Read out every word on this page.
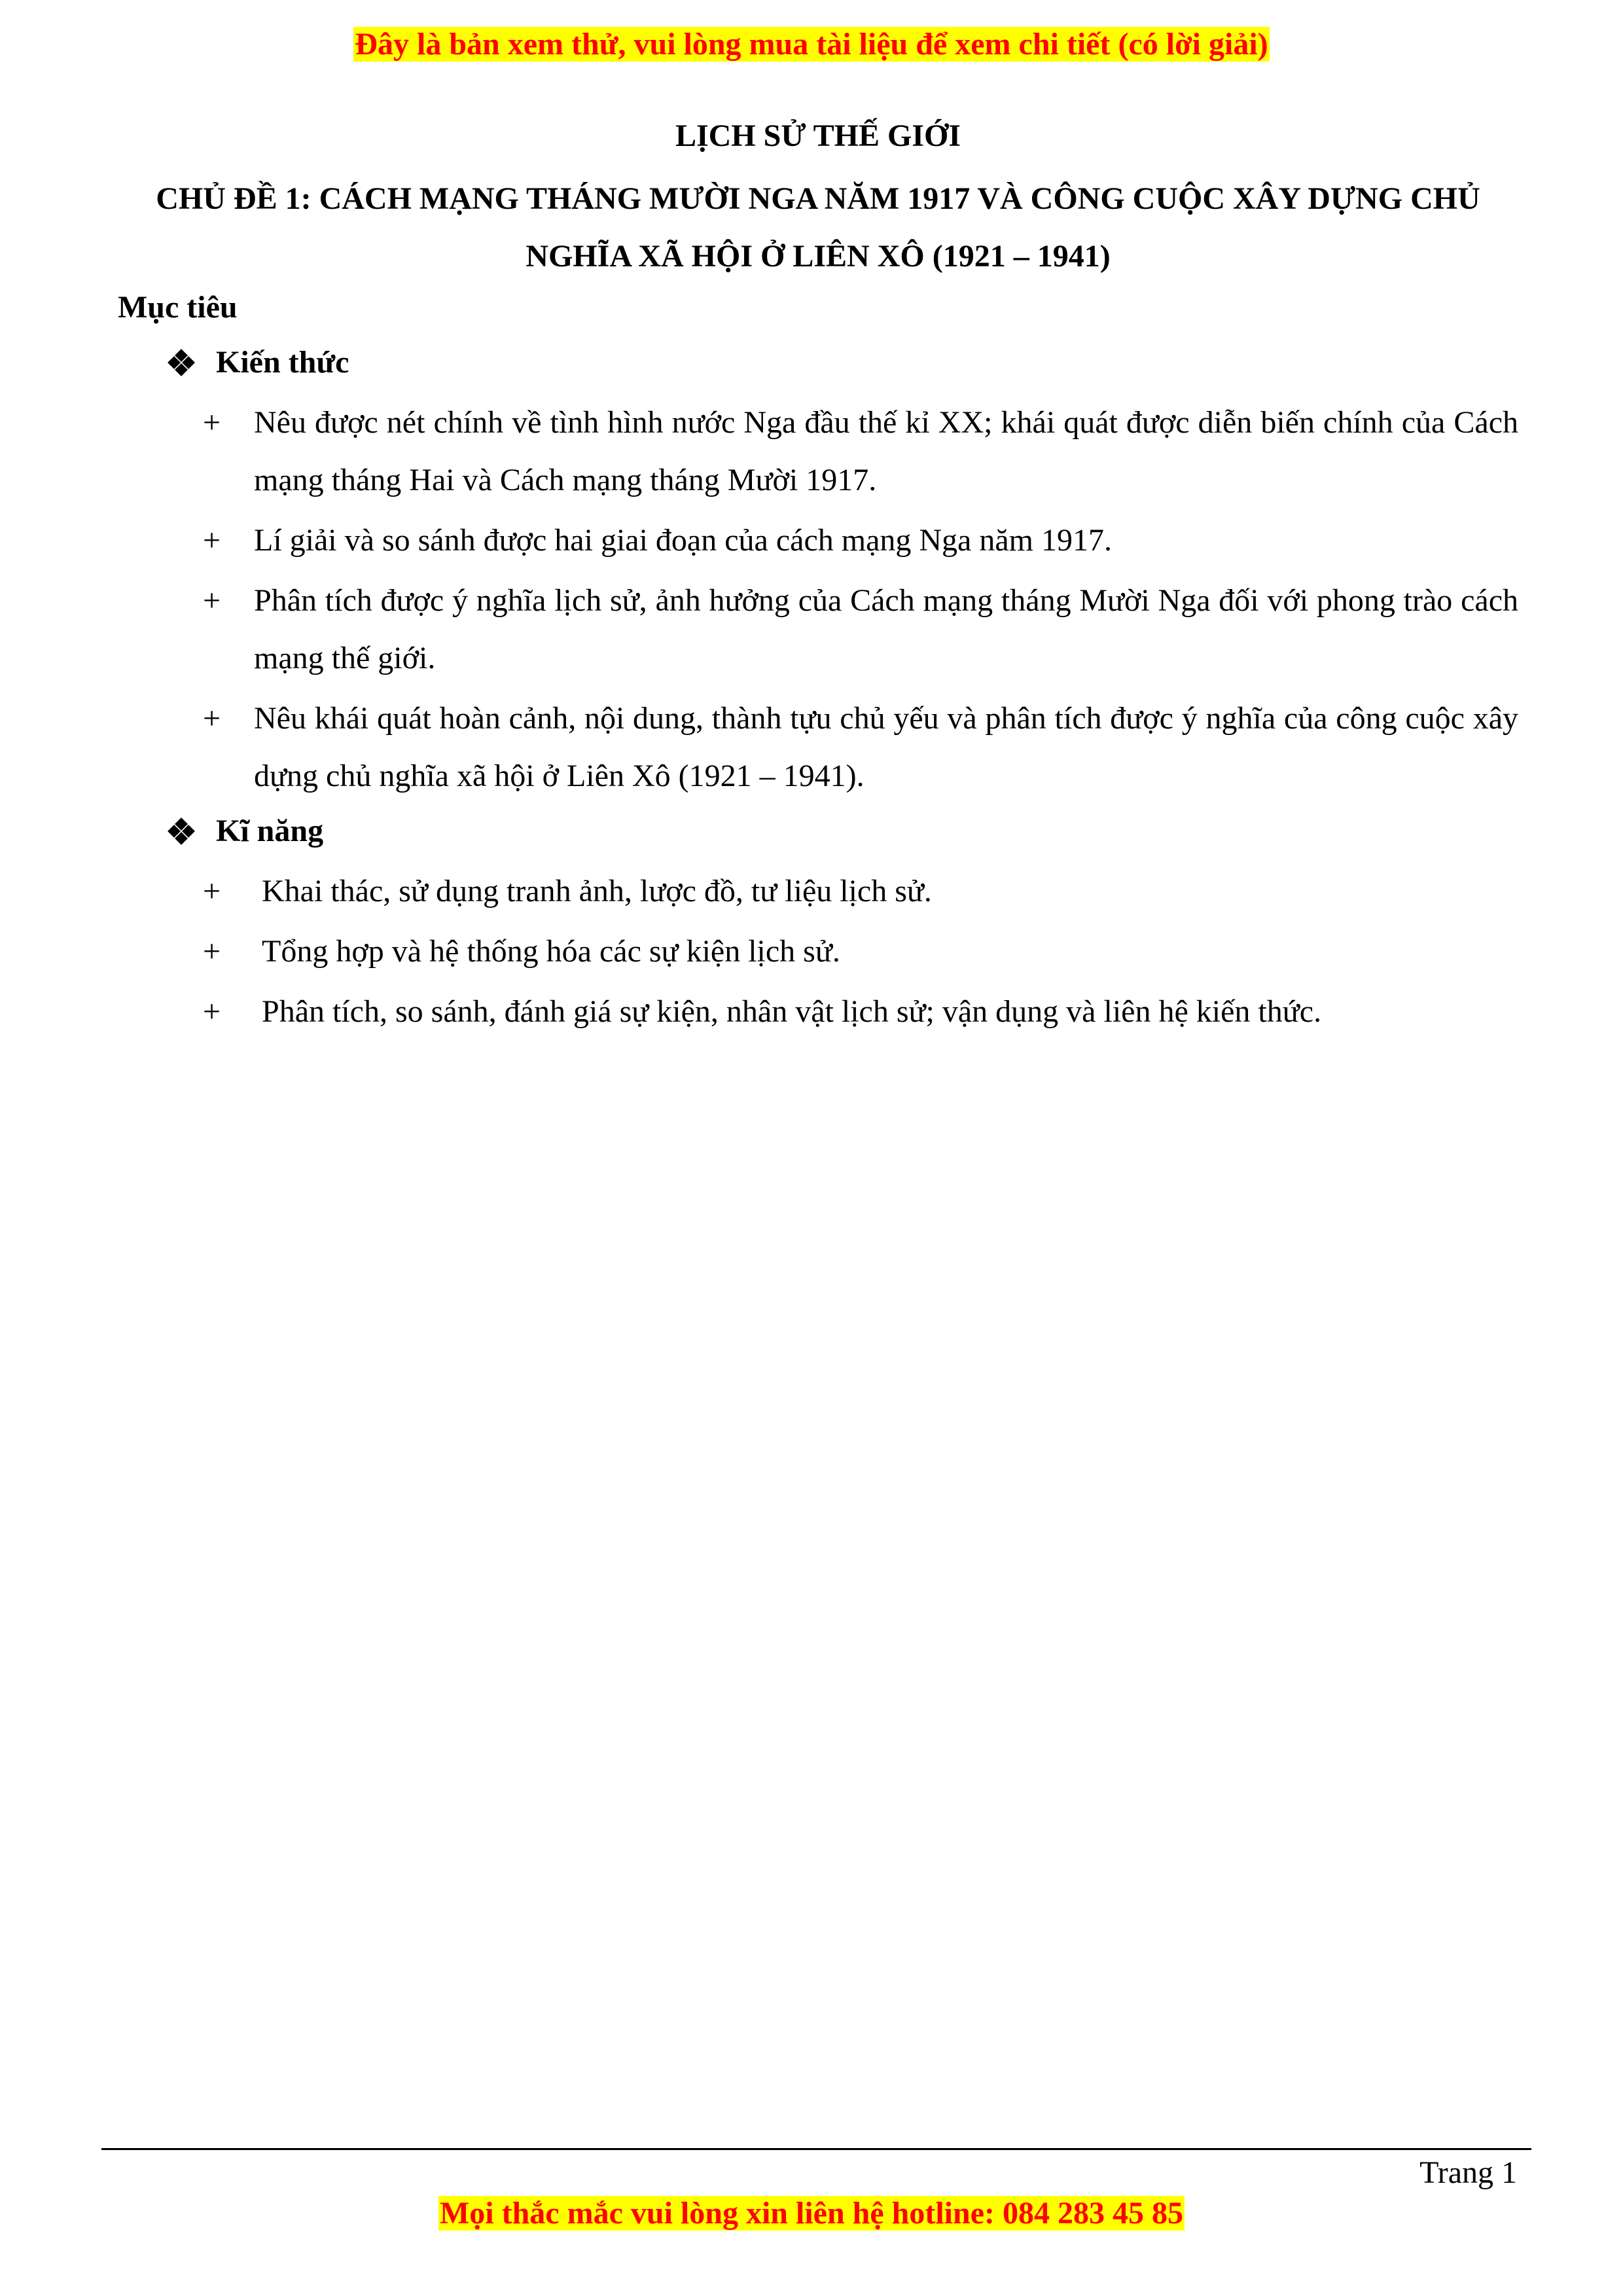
Đây là bản xem thử, vui lòng mua tài liệu để xem chi tiết (có lời giải)
LỊCH SỬ THẾ GIỚI
CHỦ ĐỀ 1: CÁCH MẠNG THÁNG MƯỜI NGA NĂM 1917 VÀ CÔNG CUỘC XÂY DỰNG CHỦ NGHĨA XÃ HỘI Ở LIÊN XÔ (1921 – 1941)
Mục tiêu
Kiến thức
+ Nêu được nét chính về tình hình nước Nga đầu thế kỉ XX; khái quát được diễn biến chính của Cách mạng tháng Hai và Cách mạng tháng Mười 1917.
+ Lí giải và so sánh được hai giai đoạn của cách mạng Nga năm 1917.
+ Phân tích được ý nghĩa lịch sử, ảnh hưởng của Cách mạng tháng Mười Nga đối với phong trào cách mạng thế giới.
+ Nêu khái quát hoàn cảnh, nội dung, thành tựu chủ yếu và phân tích được ý nghĩa của công cuộc xây dựng chủ nghĩa xã hội ở Liên Xô (1921 – 1941).
Kĩ năng
+ Khai thác, sử dụng tranh ảnh, lược đồ, tư liệu lịch sử.
+ Tổng hợp và hệ thống hóa các sự kiện lịch sử.
+ Phân tích, so sánh, đánh giá sự kiện, nhân vật lịch sử; vận dụng và liên hệ kiến thức.
Trang 1
Mọi thắc mắc vui lòng xin liên hệ hotline: 084 283 45 85
